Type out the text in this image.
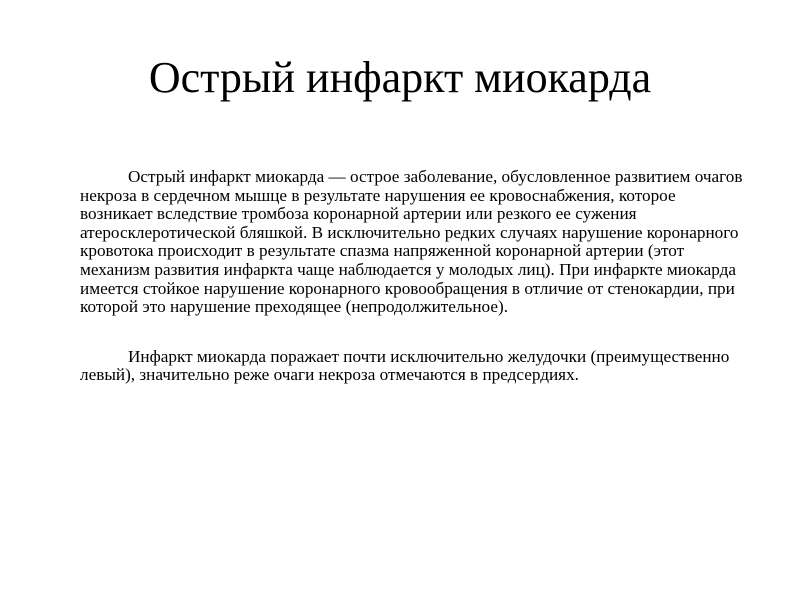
Острый инфаркт миокарда

Острый инфаркт миокарда — острое заболевание, обусловленное развитием очагов некроза в сердечном мышце в результате нарушения ее кровоснабжения, которое возникает вследствие тромбоза коронарной артерии или резкого ее сужения атеросклеротической бляшкой. В исключительно редких случаях нарушение коронарного кровотока происходит в результате спазма напряженной коронарной артерии (этот механизм развития инфаркта чаще наблюдается у молодых лиц). При инфаркте миокарда имеется стойкое нарушение коронарного кровообращения в отличие от стенокардии, при которой это нарушение преходящее (непродолжительное).

Инфаркт миокарда поражает почти исключительно желудочки (преимущественно левый), значительно реже очаги некроза отмечаются в предсердиях.
